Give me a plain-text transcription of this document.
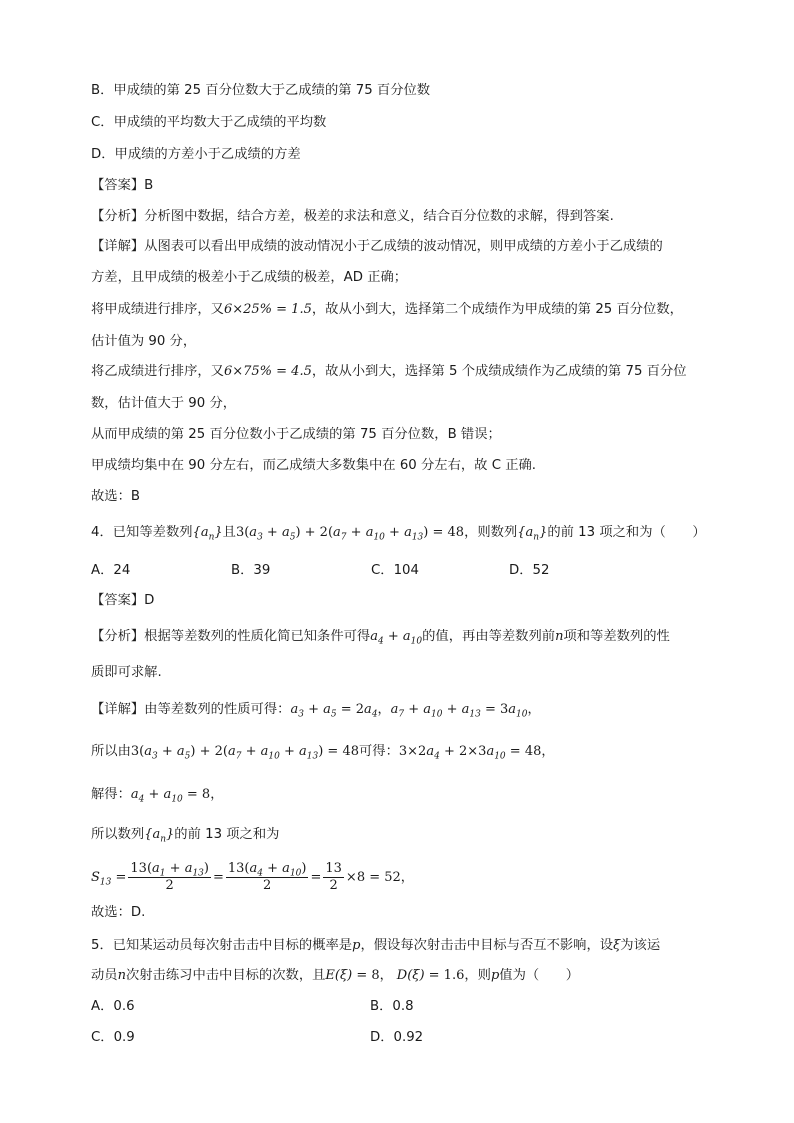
B．甲成绩的第 25 百分位数大于乙成绩的第 75 百分位数
C．甲成绩的平均数大于乙成绩的平均数
D．甲成绩的方差小于乙成绩的方差
【答案】B
【分析】分析图中数据，结合方差，极差的求法和意义，结合百分位数的求解，得到答案.
【详解】从图表可以看出甲成绩的波动情况小于乙成绩的波动情况，则甲成绩的方差小于乙成绩的
方差，且甲成绩的极差小于乙成绩的极差，AD 正确；
将甲成绩进行排序，又6×25% = 1.5，故从小到大，选择第二个成绩作为甲成绩的第 25 百分位数，
估计值为 90 分，
将乙成绩进行排序，又6×75% = 4.5，故从小到大，选择第 5 个成绩成绩作为乙成绩的第 75 百分位
数，估计值大于 90 分，
从而甲成绩的第 25 百分位数小于乙成绩的第 75 百分位数，B 错误；
甲成绩均集中在 90 分左右，而乙成绩大多数集中在 60 分左右，故 C 正确.
故选：B
4．已知等差数列$\{a_n\}$且$3(a_3 + a_5) + 2(a_7 + a_{10} + a_{13}) = 48$，则数列$\{a_n\}$的前 13 项之和为（　　）
A．24	B．39	C．104	D．52
【答案】D
【分析】根据等差数列的性质化简已知条件可得$a_4 + a_{10}$的值，再由等差数列前n项和等差数列的性
质即可求解.
【详解】由等差数列的性质可得：$a_3 + a_5 = 2a_4$，$a_7 + a_{10} + a_{13} = 3a_{10}$，
所以由$3(a_3 + a_5) + 2(a_7 + a_{10} + a_{13}) = 48$可得：$3\times 2a_4 + 2\times 3a_{10} = 48$，
解得：$a_4 + a_{10} = 8$，
所以数列$\{a_n\}$的前 13 项之和为
$S_{13} = \frac{13(a_1 + a_{13})}{2} = \frac{13(a_4 + a_{10})}{2} = \frac{13}{2} \times 8 = 52$，
故选：D.
5．已知某运动员每次射击击中目标的概率是p，假设每次射击击中目标与否互不影响，设ξ为该运
动员n次射击练习中击中目标的次数，且E(ξ) = 8， D(ξ) = 1.6，则p值为（　　）
A．0.6	B．0.8
C．0.9	D．0.92
